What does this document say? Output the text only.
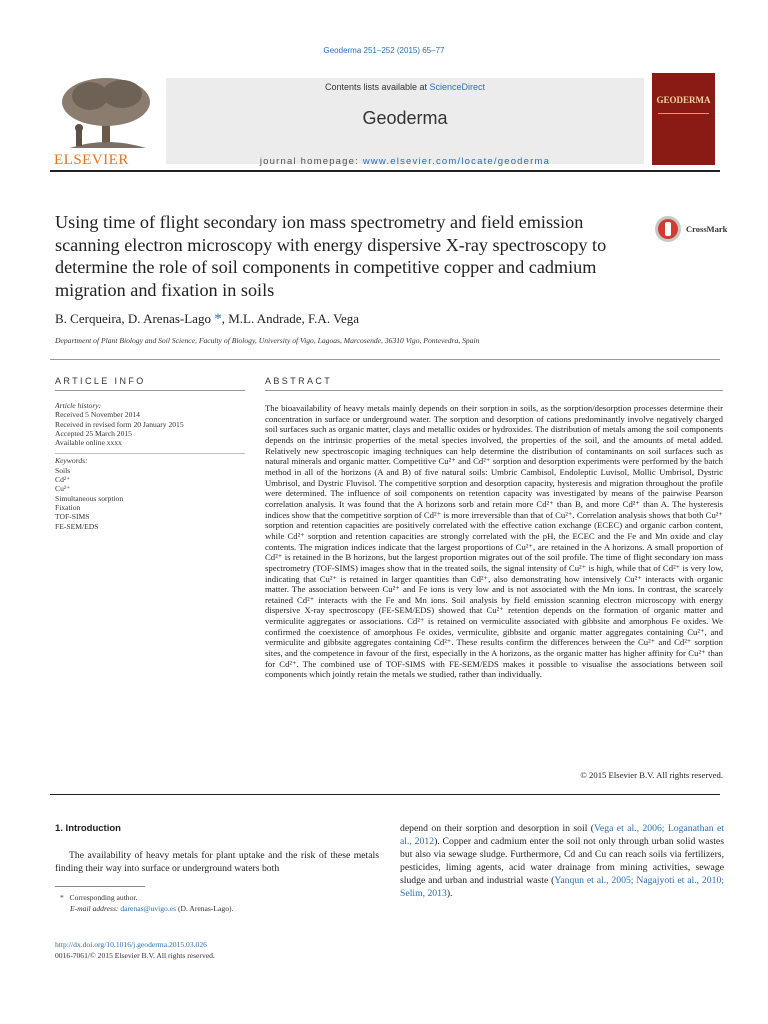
Geoderma 251–252 (2015) 65–77
ELSEVIER
Contents lists available at ScienceDirect
Geoderma
journal homepage: www.elsevier.com/locate/geoderma
GEODERMA
Using time of flight secondary ion mass spectrometry and field emission scanning electron microscopy with energy dispersive X-ray spectroscopy to determine the role of soil components in competitive copper and cadmium migration and fixation in soils
CrossMark
B. Cerqueira, D. Arenas-Lago *, M.L. Andrade, F.A. Vega
Department of Plant Biology and Soil Science, Faculty of Biology, University of Vigo, Lagoas, Marcosende, 36310 Vigo, Pontevedra, Spain
ARTICLE INFO	ABSTRACT
Article history:
Received 5 November 2014
Received in revised form 20 January 2015
Accepted 25 March 2015
Available online xxxx
Keywords:
Soils
Cd²⁺
Cu²⁺
Simultaneous sorption
Fixation
TOF-SIMS
FE-SEM/EDS
The bioavailability of heavy metals mainly depends on their sorption in soils, as the sorption/desorption processes determine their concentration in surface or underground water. The sorption and desorption of cations predominantly involve negatively charged soil surfaces such as organic matter, clays and metallic oxides or hydroxides. The distribution of metals among the soil components depends on the intrinsic properties of the metal species involved, the properties of the soil, and the amounts of metal added. Relatively new spectroscopic imaging techniques can help determine the distribution of contaminants on soil surfaces such as natural minerals and organic matter. Competitive Cu²⁺ and Cd²⁺ sorption and desorption experiments were performed by the batch method in all of the horizons (A and B) of five natural soils: Umbric Cambisol, Endoleptic Luvisol, Mollic Umbrisol, Dystric Umbrisol, and Dystric Fluvisol. The competitive sorption and desorption capacity, hysteresis and migration throughout the profile were determined. The influence of soil components on retention capacity was investigated by means of the pairwise Pearson correlation analysis. It was found that the A horizons sorb and retain more Cd²⁺ than B, and more Cd²⁺ than A. The hysteresis indices show that the competitive sorption of Cd²⁺ is more irreversible than that of Cu²⁺. Correlation analysis shows that both Cu²⁺ sorption and retention capacities are positively correlated with the effective cation exchange (ECEC) and organic carbon content, while Cd²⁺ sorption and retention capacities are strongly correlated with the pH, the ECEC and the Fe and Mn oxide and clay contents. The migration indices indicate that the largest proportions of Cu²⁺, are retained in the A horizons. A small proportion of Cd²⁺ is retained in the B horizons, but the largest proportion migrates out of the soil profile. The time of flight secondary ion mass spectrometry (TOF-SIMS) images show that in the treated soils, the signal intensity of Cu²⁺ is high, while that of Cd²⁺ is very low, indicating that Cu²⁺ is retained in larger quantities than Cd²⁺, also demonstrating how intensively Cu²⁺ interacts with organic matter. The association between Cu²⁺ and Fe ions is very low and is not associated with the Mn ions. In contrast, the scarcely retained Cd²⁺ interacts with the Fe and Mn ions. Soil analysis by field emission scanning electron microscopy with energy dispersive X-ray spectroscopy (FE-SEM/EDS) showed that Cu²⁺ retention depends on the formation of organic matter and vermiculite aggregates or associations. Cd²⁺ is retained on vermiculite associated with gibbsite and amorphous Fe oxides. We confirmed the coexistence of amorphous Fe oxides, vermiculite, gibbsite and organic matter aggregates containing Cu²⁺, and vermiculite and gibbsite aggregates containing Cd²⁺. These results confirm the differences between the Cu²⁺ and Cd²⁺ sorption sites, and the competence in favour of the first, especially in the A horizons, as the organic matter has higher affinity for Cu²⁺ than for Cd²⁺. The combined use of TOF-SIMS with FE-SEM/EDS makes it possible to visualise the associations between soil components which jointly retain the metals we studied, rather than individually.
© 2015 Elsevier B.V. All rights reserved.
1. Introduction
The availability of heavy metals for plant uptake and the risk of these metals finding their way into surface or underground waters both
* Corresponding author.
E-mail address: darenas@uvigo.es (D. Arenas-Lago).
http://dx.doi.org/10.1016/j.geoderma.2015.03.026
0016-7061/© 2015 Elsevier B.V. All rights reserved.
depend on their sorption and desorption in soil (Vega et al., 2006; Loganathan et al., 2012). Copper and cadmium enter the soil not only through urban solid wastes but also via sewage sludge. Furthermore, Cd and Cu can reach soils via fertilizers, pesticides, liming agents, acid water drainage from mining activities, sewage sludge and urban and industrial waste (Yanqun et al., 2005; Nagajyoti et al., 2010; Selim, 2013).
